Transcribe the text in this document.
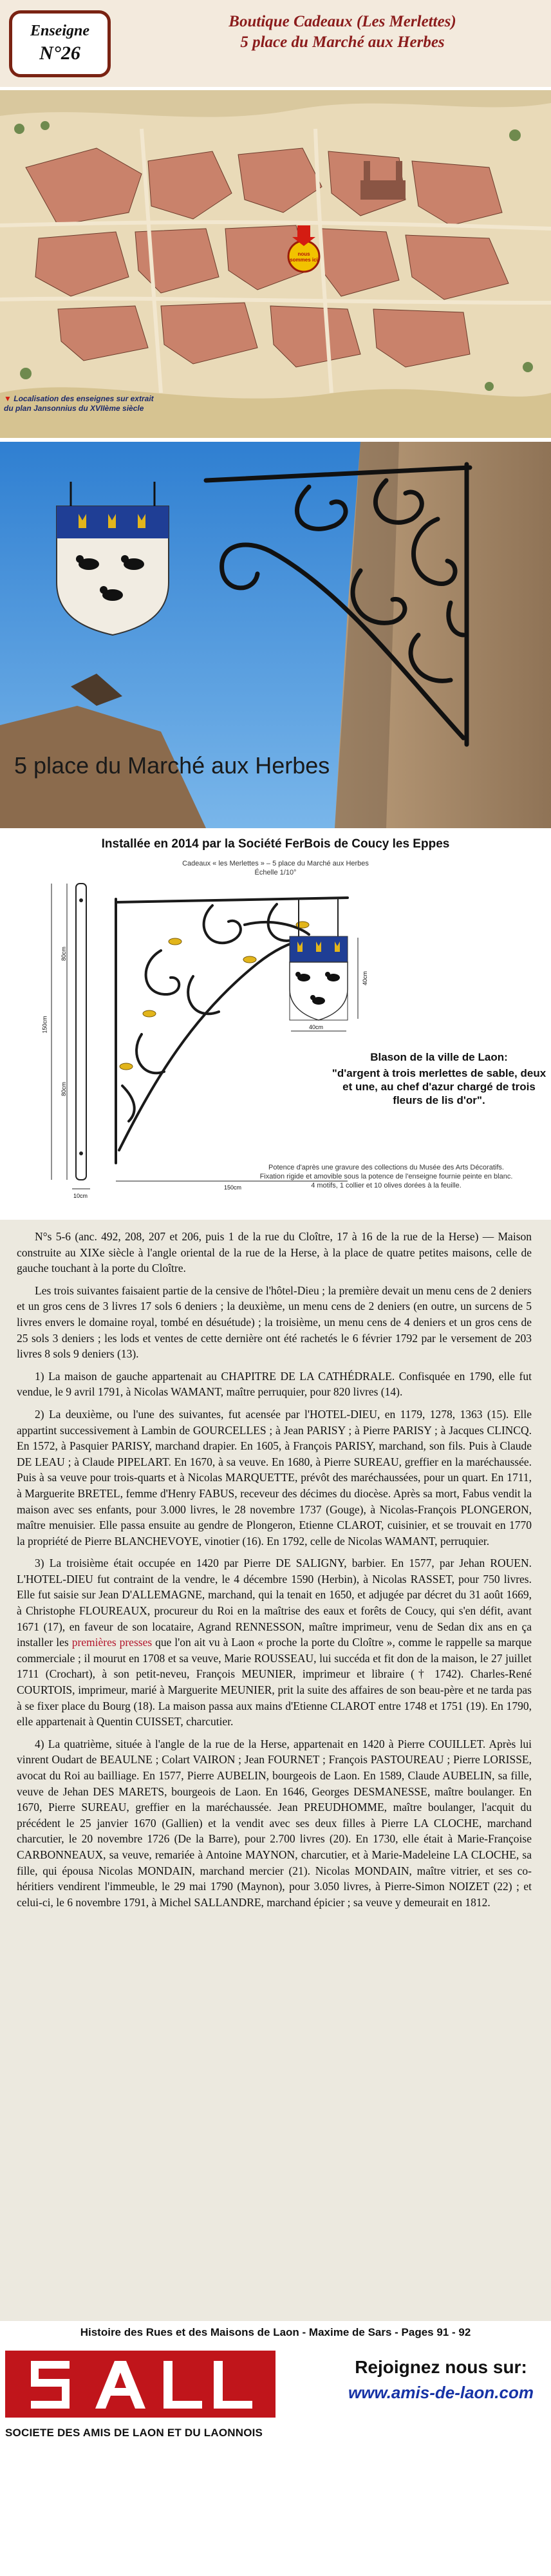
Enseigne
N°26
Boutique Cadeaux (Les Merlettes)
5 place du Marché aux Herbes
nous sommes ici
▼ Localisation des enseignes sur extrait du plan Jansonnius du XVIIème siècle
5 place du Marché aux Herbes
Installée en 2014 par la Société FerBois de Coucy les Eppes
Cadeaux « les Merlettes » – 5 place du Marché aux Herbes
Échelle 1/10°
150cm
80cm
80cm
10cm
150cm
40cm
40cm
Blason de la ville de Laon:
"d'argent à trois merlettes de sable, deux et une, au chef d'azur chargé de trois fleurs de lis d'or".
Potence d'après une gravure des collections du Musée des Arts Décoratifs.
Fixation rigide et amovible sous la potence de l'enseigne fournie peinte en blanc.
4 motifs, 1 collier et 10 olives dorées à la feuille.

N°s 5-6 (anc. 492, 208, 207 et 206, puis 1 de la rue du Cloître, 17 à 16 de la rue de la Herse) — Maison construite au XIXe siècle à l'angle oriental de la rue de la Herse, à la place de quatre petites maisons, celle de gauche touchant à la porte du Cloître.

Les trois suivantes faisaient partie de la censive de l'hôtel-Dieu ; la première devait un menu cens de 2 deniers et un gros cens de 3 livres 17 sols 6 deniers ; la deuxième, un menu cens de 2 deniers (en outre, un surcens de 5 livres envers le domaine royal, tombé en désuétude) ; la troisième, un menu cens de 4 deniers et un gros cens de 25 sols 3 deniers ; les lods et ventes de cette dernière ont été rachetés le 6 février 1792 par le versement de 203 livres 8 sols 9 deniers (13).

1) La maison de gauche appartenait au CHAPITRE DE LA CATHÉDRALE. Confisquée en 1790, elle fut vendue, le 9 avril 1791, à Nicolas WAMANT, maître perruquier, pour 820 livres (14).

2) La deuxième, ou l'une des suivantes, fut acensée par l'HOTEL-DIEU, en 1179, 1278, 1363 (15). Elle appartint successivement à Lambin de GOURCELLES ; à Jean PARISY ; à Pierre PARISY ; à Jacques CLINCQ. En 1572, à Pasquier PARISY, marchand drapier. En 1605, à François PARISY, marchand, son fils. Puis à Claude DE LEAU ; à Claude PIPELART. En 1670, à sa veuve. En 1680, à Pierre SUREAU, greffier en la maréchaussée. Puis à sa veuve pour trois-quarts et à Nicolas MARQUETTE, prévôt des maréchaussées, pour un quart. En 1711, à Marguerite BRETEL, femme d'Henry FABUS, receveur des décimes du diocèse. Après sa mort, Fabus vendit la maison avec ses enfants, pour 3.000 livres, le 28 novembre 1737 (Gouge), à Nicolas-François PLONGERON, maître menuisier. Elle passa ensuite au gendre de Plongeron, Etienne CLAROT, cuisinier, et se trouvait en 1770 la propriété de Pierre BLANCHEVOYE, vinotier (16). En 1792, celle de Nicolas WAMANT, perruquier.

3) La troisième était occupée en 1420 par Pierre DE SALIGNY, barbier. En 1577, par Jehan ROUEN. L'HOTEL-DIEU fut contraint de la vendre, le 4 décembre 1590 (Herbin), à Nicolas RASSET, pour 750 livres. Elle fut saisie sur Jean D'ALLEMAGNE, marchand, qui la tenait en 1650, et adjugée par décret du 31 août 1669, à Christophe FLOUREAUX, procureur du Roi en la maîtrise des eaux et forêts de Coucy, qui s'en défit, avant 1671 (17), en faveur de son locataire, Agrand RENNESSON, maître imprimeur, venu de Sedan dix ans en ça installer les premières presses que l'on ait vu à Laon « proche la porte du Cloître », comme le rappelle sa marque commerciale ; il mourut en 1708 et sa veuve, Marie ROUSSEAU, lui succéda et fit don de la maison, le 27 juillet 1711 (Crochart), à son petit-neveu, François MEUNIER, imprimeur et libraire († 1742). Charles-René COURTOIS, imprimeur, marié à Marguerite MEUNIER, prit la suite des affaires de son beau-père et ne tarda pas à se fixer place du Bourg (18). La maison passa aux mains d'Etienne CLAROT entre 1748 et 1751 (19). En 1790, elle appartenait à Quentin CUISSET, charcutier.

4) La quatrième, située à l'angle de la rue de la Herse, appartenait en 1420 à Pierre COUILLET. Après lui vinrent Oudart de BEAULNE ; Colart VAIRON ; Jean FOURNET ; François PASTOUREAU ; Pierre LORISSE, avocat du Roi au bailliage. En 1577, Pierre AUBELIN, bourgeois de Laon. En 1589, Claude AUBELIN, sa fille, veuve de Jehan DES MARETS, bourgeois de Laon. En 1646, Georges DESMANESSE, maître boulanger. En 1670, Pierre SUREAU, greffier en la maréchaussée. Jean PREUDHOMME, maître boulanger, l'acquit du précédent le 25 janvier 1670 (Gallien) et la vendit avec ses deux filles à Pierre LA CLOCHE, marchand charcutier, le 20 novembre 1726 (De la Barre), pour 2.700 livres (20). En 1730, elle était à Marie-Françoise CARBONNEAUX, sa veuve, remariée à Antoine MAYNON, charcutier, et à Marie-Madeleine LA CLOCHE, sa fille, qui épousa Nicolas MONDAIN, marchand mercier (21). Nicolas MONDAIN, maître vitrier, et ses co-héritiers vendirent l'immeuble, le 29 mai 1790 (Maynon), pour 3.050 livres, à Pierre-Simon NOIZET (22) ; et celui-ci, le 6 novembre 1791, à Michel SALLANDRE, marchand épicier ; sa veuve y demeurait en 1812.

Histoire des Rues et des Maisons de Laon - Maxime de Sars - Pages 91 - 92
SOCIETE DES AMIS DE LAON ET DU LAONNOIS
Rejoignez nous sur:
www.amis-de-laon.com
